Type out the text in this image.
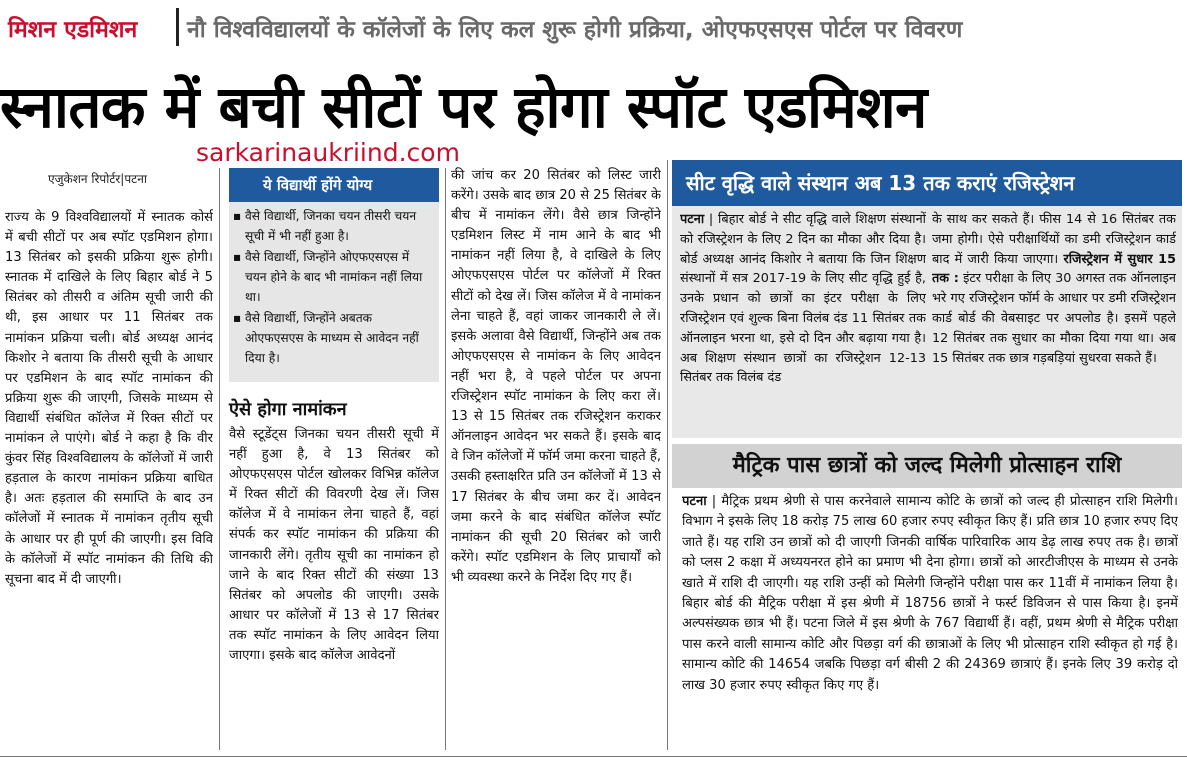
मिशन एडमिशन नौ विश्वविद्यालयों के कॉलेजों के लिए कल शुरू होगी प्रक्रिया, ओएफएसएस पोर्टल पर विवरण
स्नातक में बची सीटों पर होगा स्पॉट एडमिशन
sarkarinaukriind.com
एजुकेशन रिपोर्टर|पटना

राज्य के 9 विश्वविद्यालयों में स्नातक कोर्स में बची सीटों पर अब स्पॉट एडमिशन होगा। 13 सितंबर को इसकी प्रक्रिया शुरू होगी। स्नातक में दाखिले के लिए बिहार बोर्ड ने 5 सितंबर को तीसरी व अंतिम सूची जारी की थी, इस आधार पर 11 सितंबर तक नामांकन प्रक्रिया चली। बोर्ड अध्यक्ष आनंद किशोर ने बताया कि तीसरी सूची के आधार पर एडमिशन के बाद स्पॉट नामांकन की प्रक्रिया शुरू की जाएगी, जिसके माध्यम से विद्यार्थी संबंधित कॉलेज में रिक्त सीटों पर नामांकन ले पाएंगे। बोर्ड ने कहा है कि वीर कुंवर सिंह विश्वविद्यालय के कॉलेजों में जारी हड़ताल के कारण नामांकन प्रक्रिया बाधित है। अतः हड़ताल की समाप्ति के बाद उन कॉलेजों में स्नातक में नामांकन तृतीय सूची के आधार पर ही पूर्ण की जाएगी। इस विवि के कॉलेजों में स्पॉट नामांकन की तिथि की सूचना बाद में दी जाएगी।

ये विद्यार्थी होंगे योग्य
▪ वैसे विद्यार्थी, जिनका चयन तीसरी चयन सूची में भी नहीं हुआ है।
▪ वैसे विद्यार्थी, जिन्होंने ओएफएसएस में चयन होने के बाद भी नामांकन नहीं लिया था।
▪ वैसे विद्यार्थी, जिन्होंने अबतक ओएफएसएस के माध्यम से आवेदन नहीं दिया है।
ऐसे होगा नामांकन

वैसे स्टूडेंट्स जिनका चयन तीसरी सूची में नहीं हुआ है, वे 13 सितंबर को ओएफएसएस पोर्टल खोलकर विभिन्न कॉलेज में रिक्त सीटों की विवरणी देख लें। जिस कॉलेज में वे नामांकन लेना चाहते हैं, वहां संपर्क कर स्पॉट नामांकन की प्रक्रिया की जानकारी लेंगे। तृतीय सूची का नामांकन हो जाने के बाद रिक्त सीटों की संख्या 13 सितंबर को अपलोड की जाएगी। उसके आधार पर कॉलेजों में 13 से 17 सितंबर तक स्पॉट नामांकन के लिए आवेदन लिया जाएगा। इसके बाद कॉलेज आवेदनों

की जांच कर 20 सितंबर को लिस्ट जारी करेंगे। उसके बाद छात्र 20 से 25 सितंबर के बीच में नामांकन लेंगे। वैसे छात्र जिन्होंने एडमिशन लिस्ट में नाम आने के बाद भी नामांकन नहीं लिया है, वे दाखिले के लिए ओएफएसएस पोर्टल पर कॉलेजों में रिक्त सीटों को देख लें। जिस कॉलेज में वे नामांकन लेना चाहते हैं, वहां जाकर जानकारी ले लें। इसके अलावा वैसे विद्यार्थी, जिन्होंने अब तक ओएफएसएस से नामांकन के लिए आवेदन नहीं भरा है, वे पहले पोर्टल पर अपना रजिस्ट्रेशन स्पॉट नामांकन के लिए करा लें। 13 से 15 सितंबर तक रजिस्ट्रेशन कराकर ऑनलाइन आवेदन भर सकते हैं। इसके बाद वे जिन कॉलेजों में फॉर्म जमा करना चाहते हैं, उसकी हस्ताक्षरित प्रति उन कॉलेजों में 13 से 17 सितंबर के बीच जमा कर दें। आवेदन जमा करने के बाद संबंधित कॉलेज स्पॉट नामांकन की सूची 20 सितंबर को जारी करेंगे। स्पॉट एडमिशन के लिए प्राचार्यों को भी व्यवस्था करने के निर्देश दिए गए हैं।

सीट वृद्धि वाले संस्थान अब 13 तक कराएं रजिस्ट्रेशन

पटना | बिहार बोर्ड ने सीट वृद्धि वाले शिक्षण संस्थानों को रजिस्ट्रेशन के लिए 2 दिन का मौका और दिया है। बोर्ड अध्यक्ष आनंद किशोर ने बताया कि जिन शिक्षण संस्थानों में सत्र 2017-19 के लिए सीट वृद्धि हुई है, उनके प्रधान को छात्रों का इंटर परीक्षा के लिए रजिस्ट्रेशन एवं शुल्क बिना विलंब दंड 11 सितंबर तक ऑनलाइन भरना था, इसे दो दिन और बढ़ाया गया है। अब शिक्षण संस्थान छात्रों का रजिस्ट्रेशन 12-13 सितंबर तक विलंब दंड

के साथ कर सकते हैं। फीस 14 से 16 सितंबर तक जमा होगी। ऐसे परीक्षार्थियों का डमी रजिस्ट्रेशन कार्ड बाद में जारी किया जाएगा। रजिस्ट्रेशन में सुधार 15 तक : इंटर परीक्षा के लिए 30 अगस्त तक ऑनलाइन भरे गए रजिस्ट्रेशन फॉर्म के आधार पर डमी रजिस्ट्रेशन कार्ड बोर्ड की वेबसाइट पर अपलोड है। इसमें पहले 12 सितंबर तक सुधार का मौका दिया गया था। अब 15 सितंबर तक छात्र गड़बड़ियां सुधरवा सकते हैं।

मैट्रिक पास छात्रों को जल्द मिलेगी प्रोत्साहन राशि

पटना | मैट्रिक प्रथम श्रेणी से पास करनेवाले सामान्य कोटि के छात्रों को जल्द ही प्रोत्साहन राशि मिलेगी। विभाग ने इसके लिए 18 करोड़ 75 लाख 60 हजार रुपए स्वीकृत किए हैं। प्रति छात्र 10 हजार रुपए दिए जाते हैं। यह राशि उन छात्रों को दी जाएगी जिनकी वार्षिक पारिवारिक आय डेढ़ लाख रुपए तक है। छात्रों को प्लस 2 कक्षा में अध्ययनरत होने का प्रमाण भी देना होगा। छात्रों को आरटीजीएस के माध्यम से उनके खाते में राशि दी जाएगी। यह राशि उन्हीं को मिलेगी जिन्होंने परीक्षा पास कर 11वीं में नामांकन लिया है। बिहार बोर्ड की मैट्रिक परीक्षा में इस श्रेणी में 18756 छात्रों ने फर्स्ट डिविजन से पास किया है। इनमें अल्पसंख्यक छात्र भी हैं। पटना जिले में इस श्रेणी के 767 विद्यार्थी हैं। वहीं, प्रथम श्रेणी से मैट्रिक परीक्षा पास करने वाली सामान्य कोटि और पिछड़ा वर्ग की छात्राओं के लिए भी प्रोत्साहन राशि स्वीकृत हो गई है। सामान्य कोटि की 14654 जबकि पिछड़ा वर्ग बीसी 2 की 24369 छात्राएं हैं। इनके लिए 39 करोड़ दो लाख 30 हजार रुपए स्वीकृत किए गए हैं।
